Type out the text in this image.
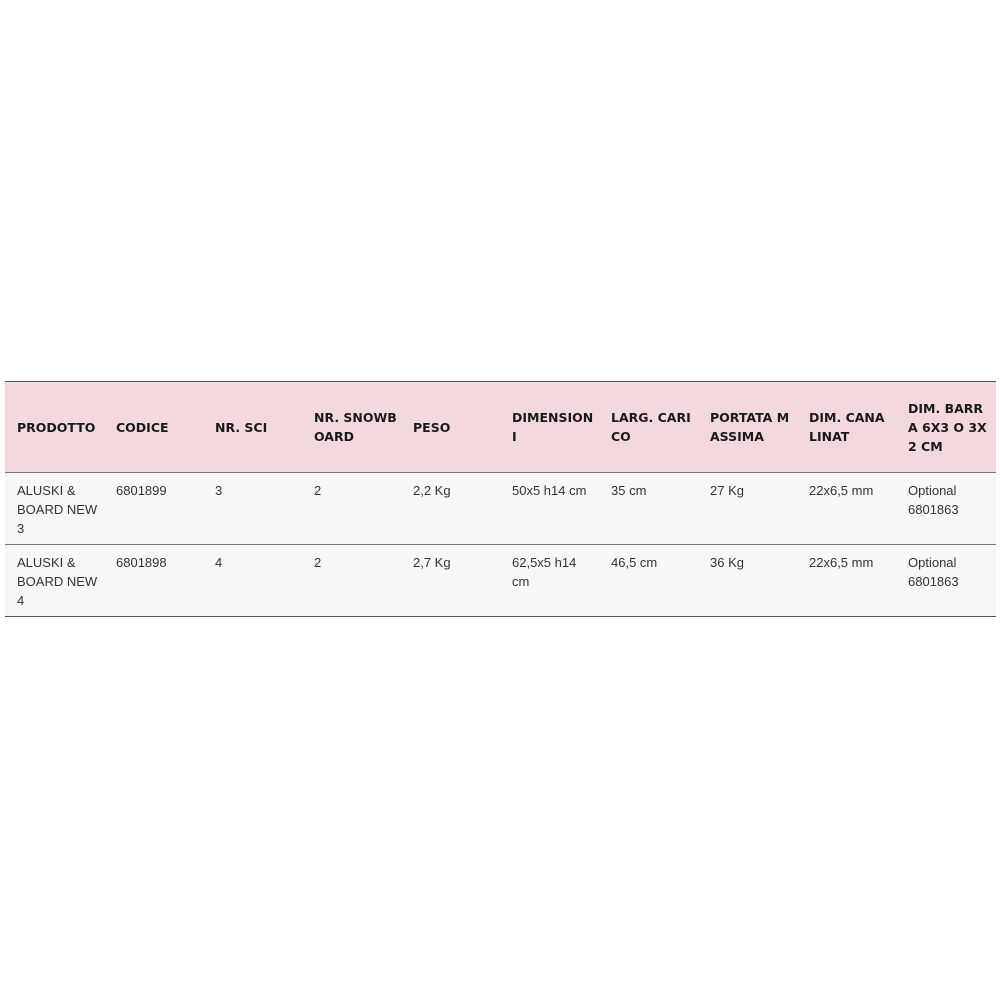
PRODOTTO	CODICE	NR. SCI	NR. SNOWBOARD	PESO	DIMENSIONI	LARG. CARICO	PORTATA MASSIMA	DIM. CANALINAT	DIM. BARRA 6X3 O 3X2 CM

ALUSKI & BOARD NEW 3	6801899	3	2	2,2 Kg	50x5 h14 cm	35 cm	27 Kg	22x6,5 mm	Optional 6801863

ALUSKI & BOARD NEW 4	6801898	4	2	2,7 Kg	62,5x5 h14 cm	46,5 cm	36 Kg	22x6,5 mm	Optional 6801863
